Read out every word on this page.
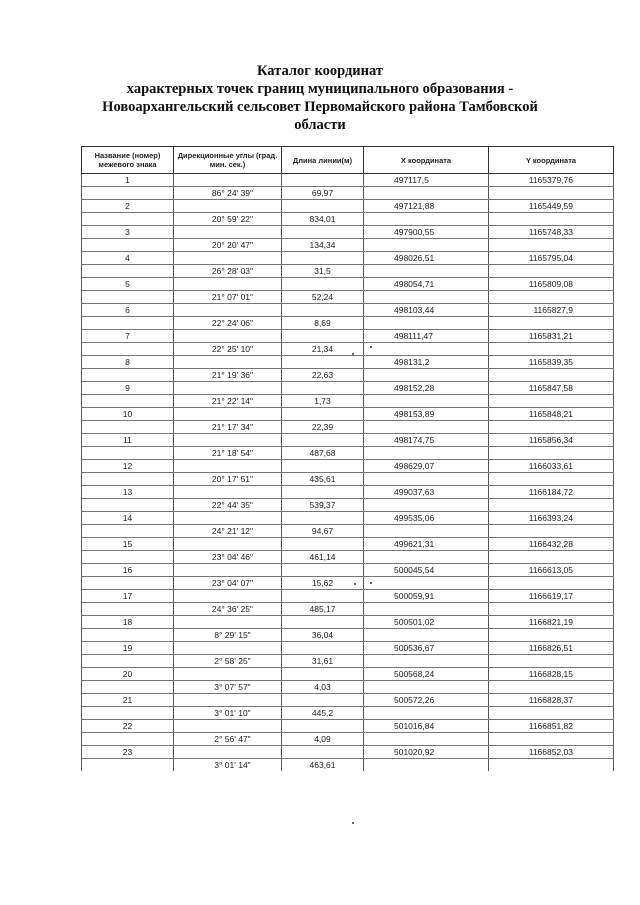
Каталог координат
характерных точек границ муниципального образования -
Новоархангельский сельсовет Первомайского района Тамбовской
области
Название (номер) межевого знака	Дирекционные углы (град. мин. сек.)	Длина линии(м)	X координата	Y координата
1			497117,5	1165379,76
	86° 24' 39"	69,97		
2			497121,88	1165449,59
	20° 59' 22"	834,01		
3			497900,55	1165748,33
	20° 20' 47"	134,34		
4			498026,51	1165795,04
	26° 28' 03"	31,5		
5			498054,71	1165809,08
	21° 07' 01"	52,24		
6			498103,44	1165827,9
	22° 24' 06"	8,69		
7			498111,47	1165831,21
	22° 25' 10"	21,34		
8			498131,2	1165839,35
	21° 19' 36"	22,63		
9			498152,28	1165847,58
	21° 22' 14"	1,73		
10			498153,89	1165848,21
	21° 17' 34"	22,39		
11			498174,75	1165856,34
	21° 18' 54"	487,68		
12			498629,07	1166033,61
	20° 17' 51"	435,61		
13			499037,63	1166184,72
	22° 44' 35"	539,37		
14			499535,06	1166393,24
	24° 21' 12"	94,67		
15			499621,31	1166432,28
	23° 04' 46"	461,14		
16			500045,54	1166613,05
	23° 04' 07"	15,62		
17			500059,91	1166619,17
	24° 36' 25"	485,17		
18			500501,02	1166821,19
	8° 29' 15"	36,04		
19			500536,67	1166826,51
	2° 58' 25"	31,61		
20			500568,24	1166828,15
	3° 07' 57"	4,03		
21			500572,26	1166828,37
	3° 01' 10"	445,2		
22			501016,84	1166851,82
	2° 56' 47"	4,09		
23			501020,92	1166852,03
	3° 01' 14"	463,61		
